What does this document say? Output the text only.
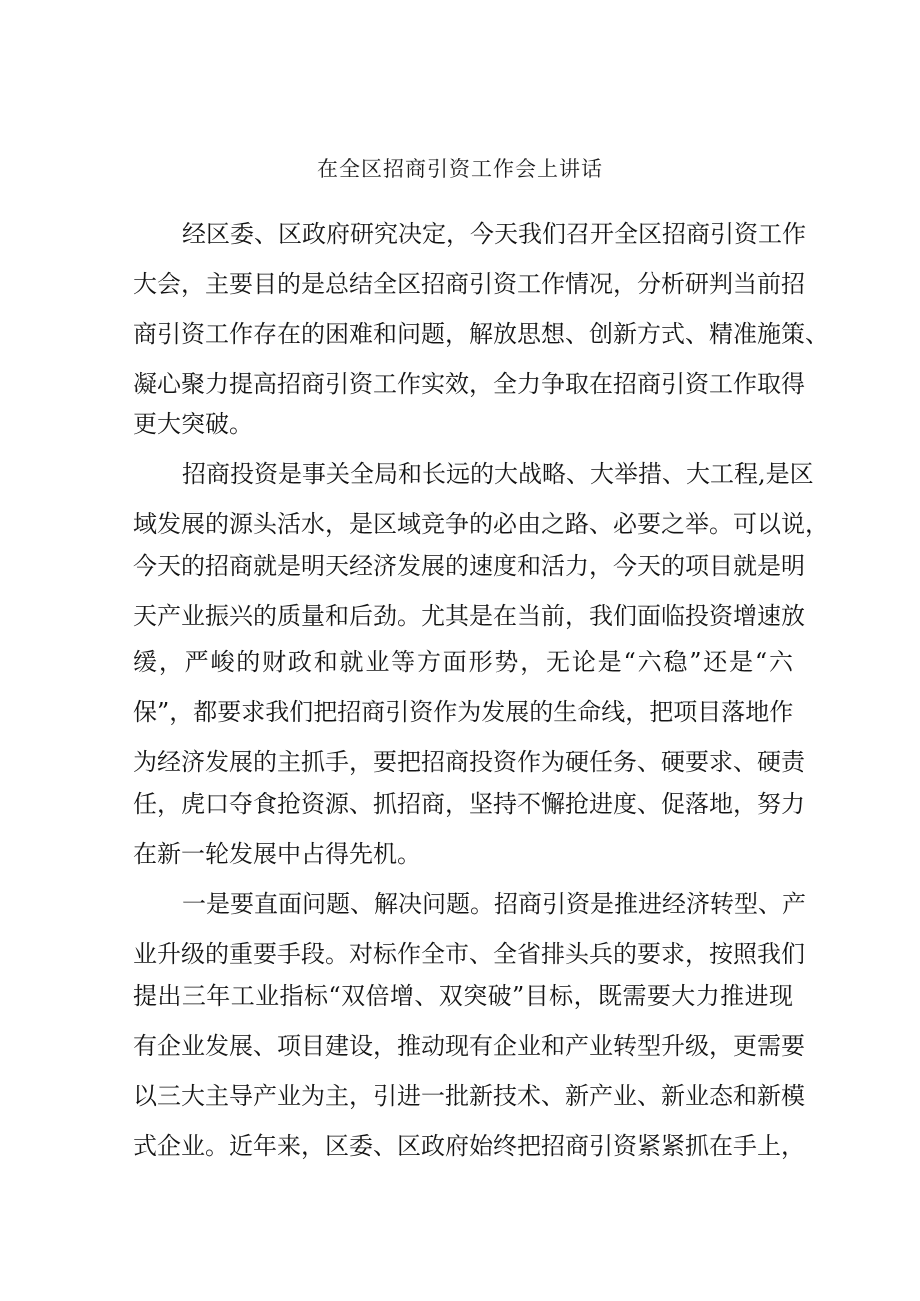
在全区招商引资工作会上讲话
经区委、区政府研究决定，今天我们召开全区招商引资工作
大会，主要目的是总结全区招商引资工作情况，分析研判当前招
商引资工作存在的困难和问题，解放思想、创新方式、精准施策、
凝心聚力提高招商引资工作实效，全力争取在招商引资工作取得
更大突破。
招商投资是事关全局和长远的大战略、大举措、大工程,是区
域发展的源头活水，是区域竞争的必由之路、必要之举。可以说，
今天的招商就是明天经济发展的速度和活力，今天的项目就是明
天产业振兴的质量和后劲。尤其是在当前，我们面临投资增速放
缓，严峻的财政和就业等方面形势，无论是“六稳”还是“六
保”，都要求我们把招商引资作为发展的生命线，把项目落地作
为经济发展的主抓手，要把招商投资作为硬任务、硬要求、硬责
任，虎口夺食抢资源、抓招商，坚持不懈抢进度、促落地，努力
在新一轮发展中占得先机。
一是要直面问题、解决问题。招商引资是推进经济转型、产
业升级的重要手段。对标作全市、全省排头兵的要求，按照我们
提出三年工业指标“双倍增、双突破”目标，既需要大力推进现
有企业发展、项目建设，推动现有企业和产业转型升级，更需要
以三大主导产业为主，引进一批新技术、新产业、新业态和新模
式企业。近年来，区委、区政府始终把招商引资紧紧抓在手上，
